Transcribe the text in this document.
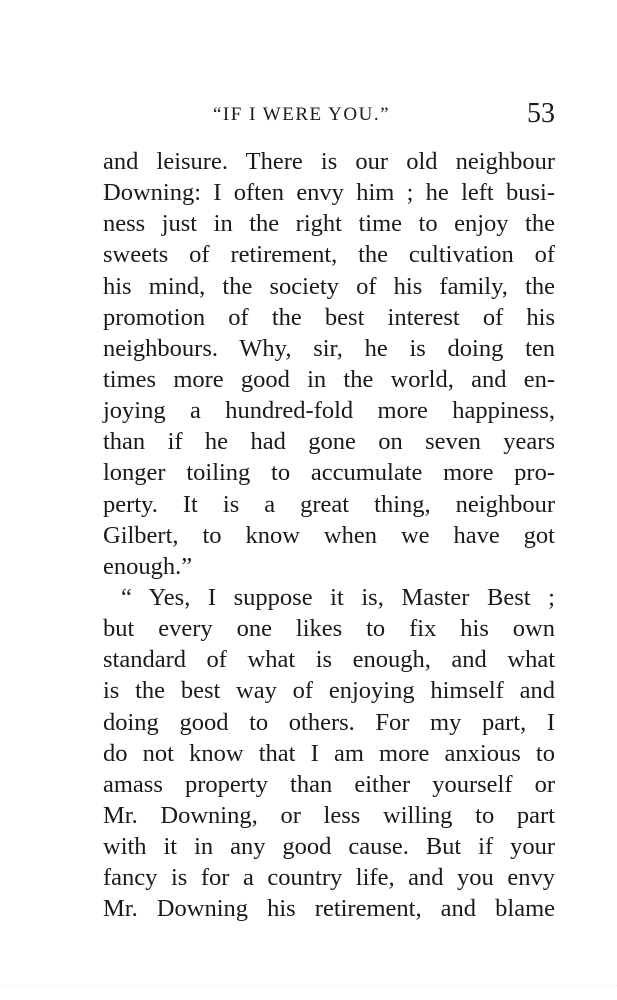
“IF I WERE YOU.”	53
and leisure. There is our old neighbour
Downing: I often envy him ; he left busi-
ness just in the right time to enjoy the
sweets of retirement, the cultivation of
his mind, the society of his family, the
promotion of the best interest of his
neighbours. Why, sir, he is doing ten
times more good in the world, and en-
joying a hundred-fold more happiness,
than if he had gone on seven years
longer toiling to accumulate more pro-
perty. It is a great thing, neighbour
Gilbert, to know when we have got
enough.”
“ Yes, I suppose it is, Master Best ;
but every one likes to fix his own
standard of what is enough, and what
is the best way of enjoying himself and
doing good to others. For my part, I
do not know that I am more anxious to
amass property than either yourself or
Mr. Downing, or less willing to part
with it in any good cause. But if your
fancy is for a country life, and you envy
Mr. Downing his retirement, and blame
